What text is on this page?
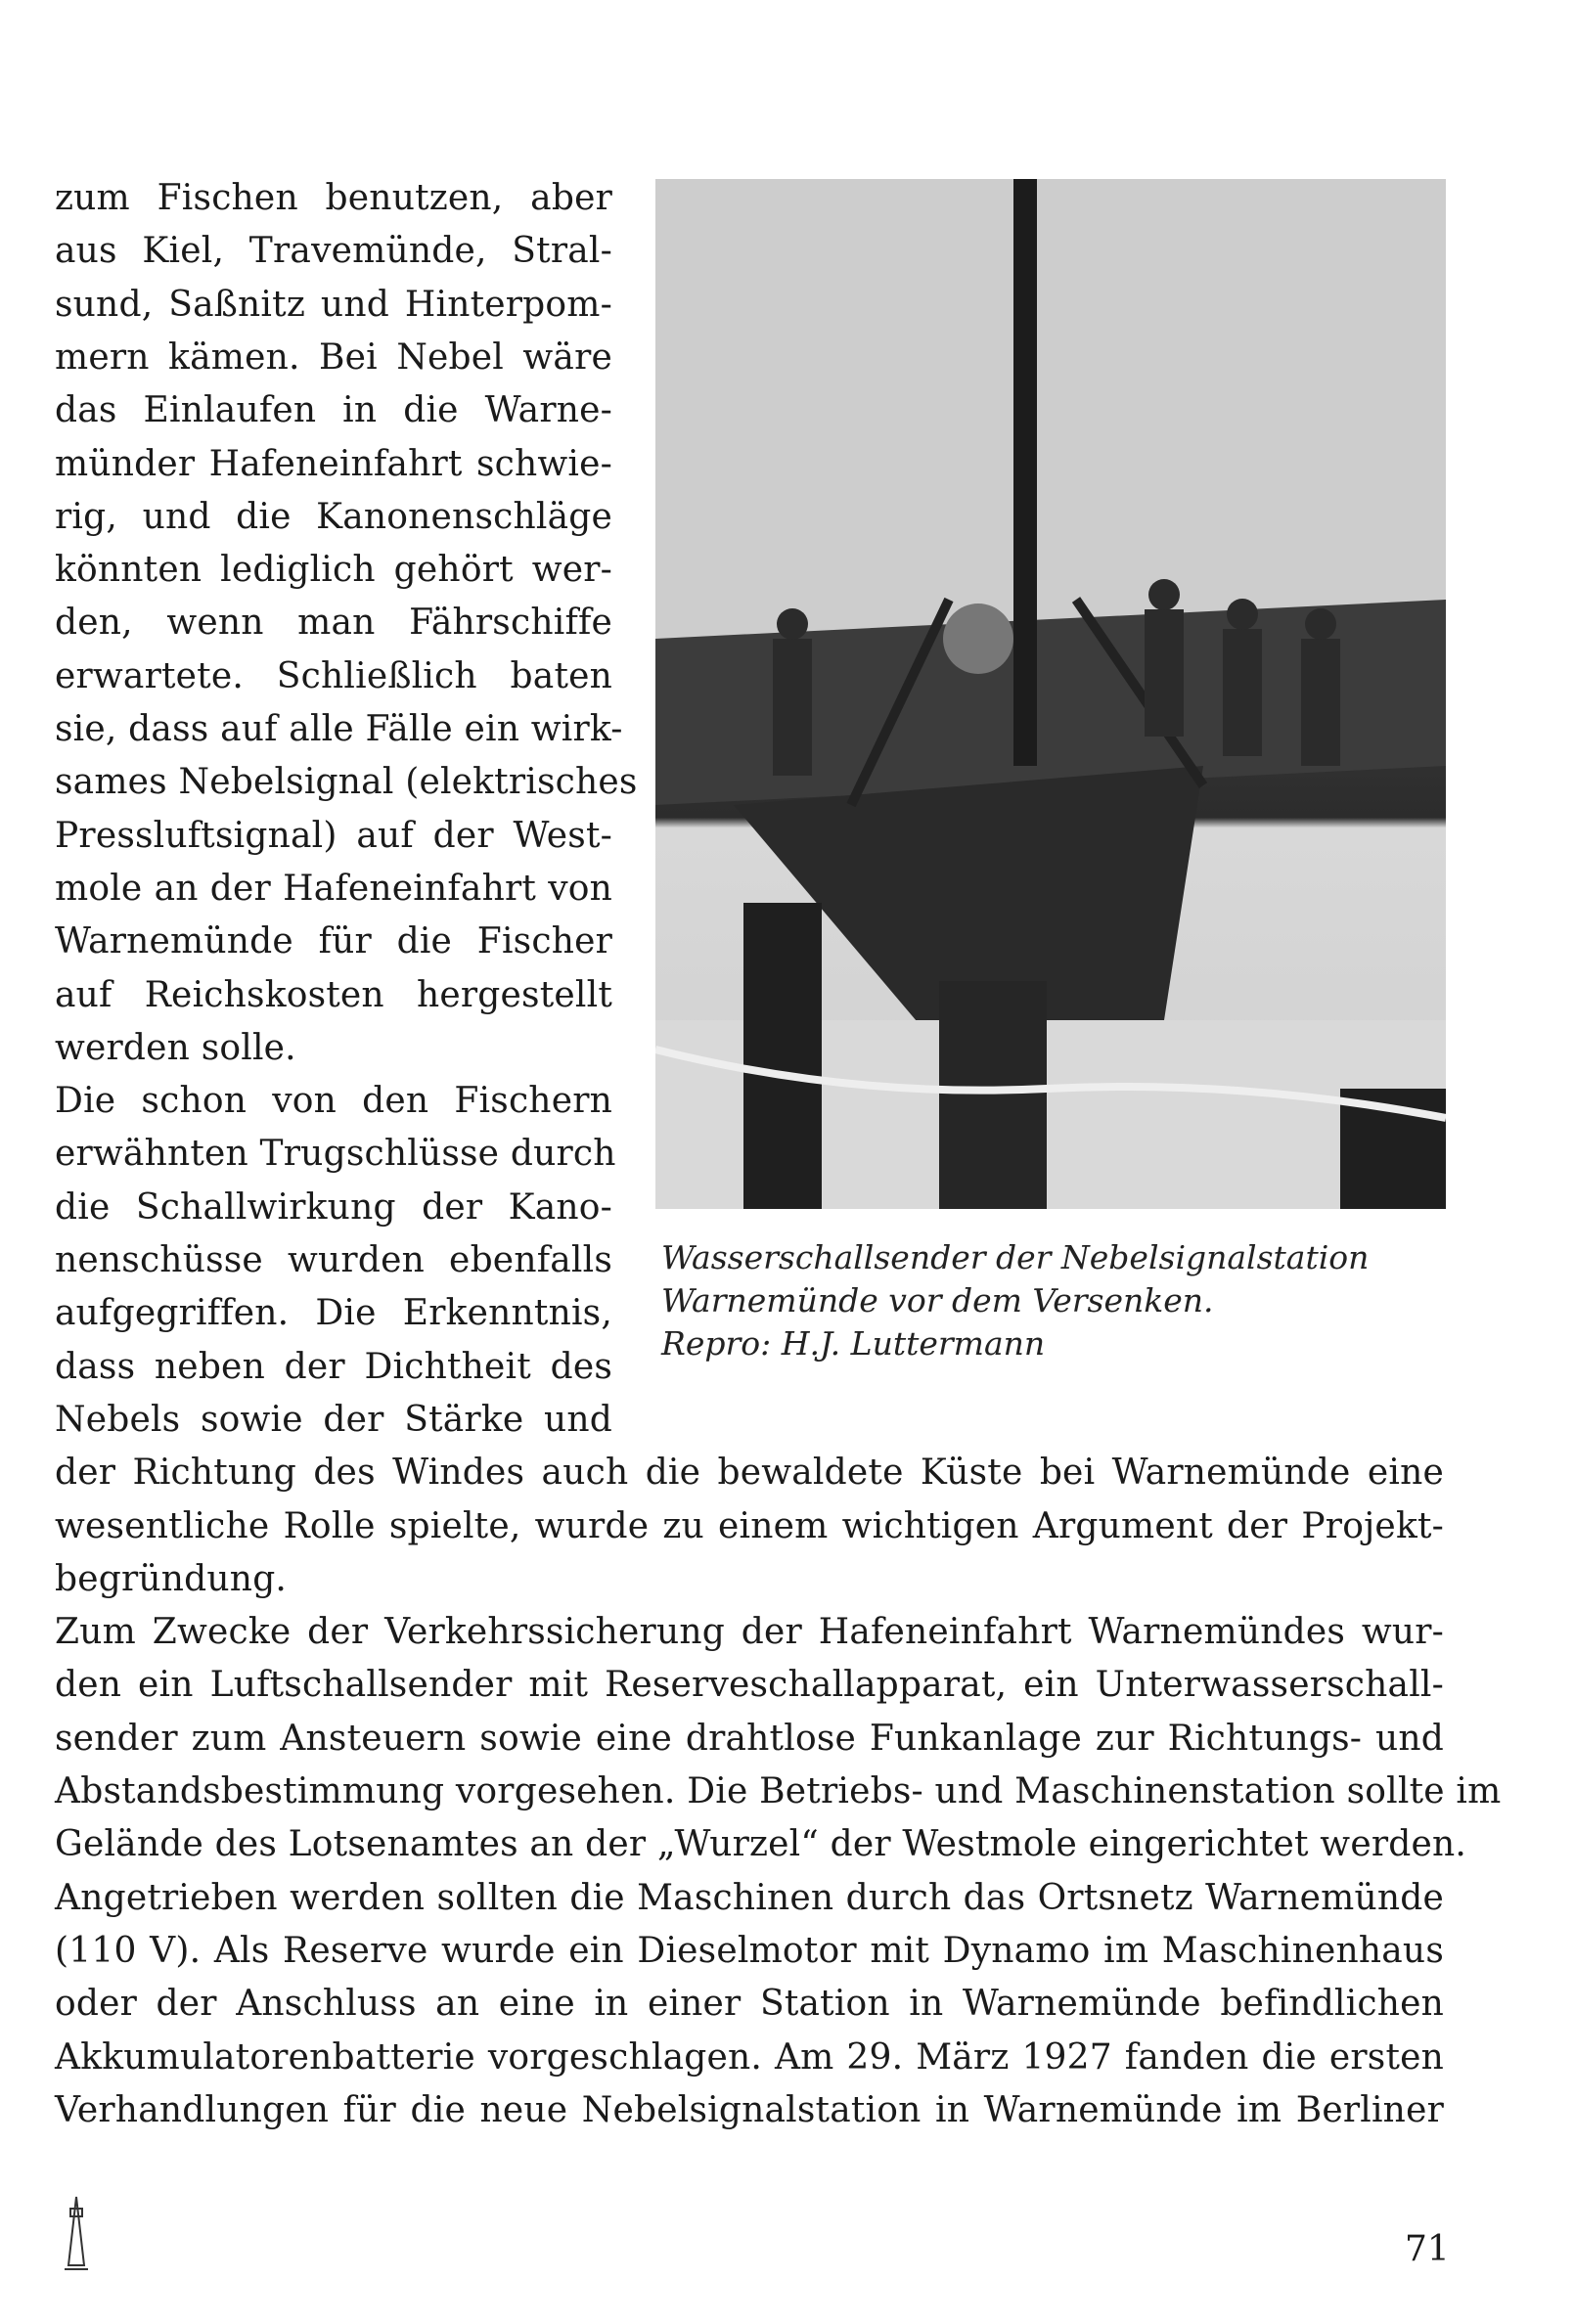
zum Fischen benutzen, aber
aus Kiel, Travemünde, Stral-
sund, Saßnitz und Hinterpom-
mern kämen. Bei Nebel wäre
das Einlaufen in die Warne-
münder Hafeneinfahrt schwie-
rig, und die Kanonenschläge
könnten lediglich gehört wer-
den, wenn man Fährschiffe
erwartete. Schließlich baten
sie, dass auf alle Fälle ein wirk-
sames Nebelsignal (elektrisches
Pressluftsignal) auf der West-
mole an der Hafeneinfahrt von
Warnemünde für die Fischer
auf Reichskosten hergestellt
werden solle.
Die schon von den Fischern
erwähnten Trugschlüsse durch
die Schallwirkung der Kano-
nenschüsse wurden ebenfalls
aufgegriffen. Die Erkenntnis,
dass neben der Dichtheit des
Nebels sowie der Stärke und
der Richtung des Windes auch die bewaldete Küste bei Warnemünde eine
wesentliche Rolle spielte, wurde zu einem wichtigen Argument der Projekt-
begründung.
Zum Zwecke der Verkehrssicherung der Hafeneinfahrt Warnemündes wur-
den ein Luftschallsender mit Reserveschallapparat, ein Unterwasserschall-
sender zum Ansteuern sowie eine drahtlose Funkanlage zur Richtungs- und
Abstandsbestimmung vorgesehen. Die Betriebs- und Maschinenstation sollte im
Gelände des Lotsenamtes an der „Wurzel“ der Westmole eingerichtet werden.
Angetrieben werden sollten die Maschinen durch das Ortsnetz Warnemünde
(110 V). Als Reserve wurde ein Dieselmotor mit Dynamo im Maschinenhaus
oder der Anschluss an eine in einer Station in Warnemünde befindlichen
Akkumulatorenbatterie vorgeschlagen. Am 29. März 1927 fanden die ersten
Verhandlungen für die neue Nebelsignalstation in Warnemünde im Berliner
Wasserschallsender der Nebelsignalstation
Warnemünde vor dem Versenken.
Repro: H.J. Luttermann
71
